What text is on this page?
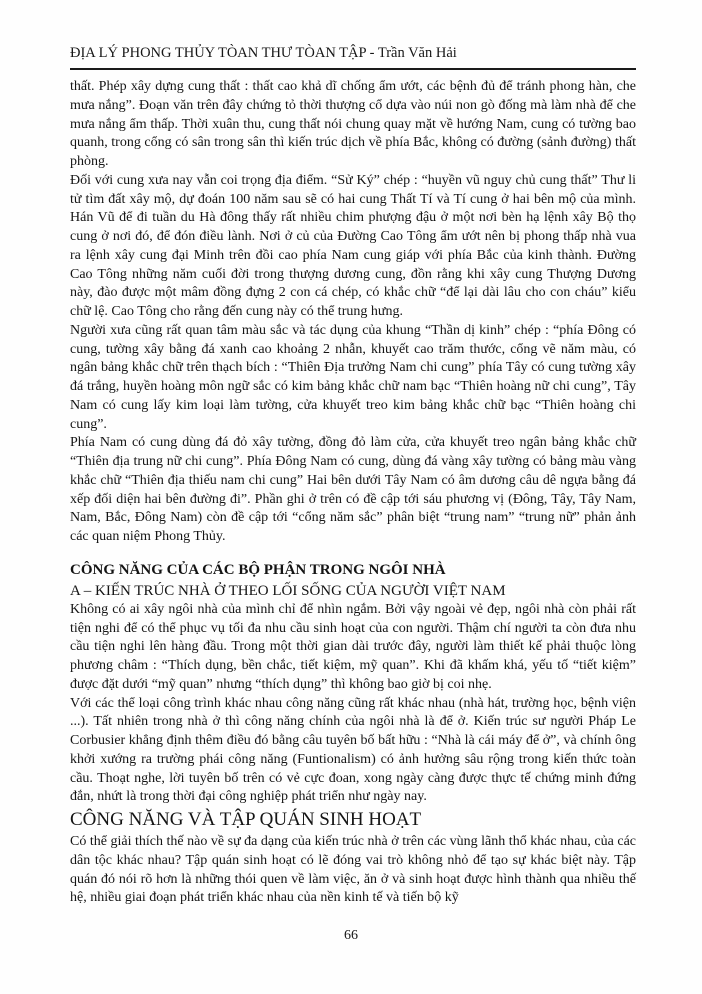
ĐỊA LÝ PHONG THỦY TÒAN THƯ TÒAN TẬP - Trần Văn Hải

thất. Phép xây dựng cung thất : thất cao khả dĩ chống ẩm ướt, các bệnh đủ để tránh phong hàn, che mưa nắng”. Đoạn văn trên đây chứng tỏ thời thượng cổ dựa vào núi non gò đống mà làm nhà để che mưa nắng ẩm thấp. Thời xuân thu, cung thất nói chung quay mặt về hướng Nam, cung có tường bao quanh, trong cổng có sân trong sân thì kiến trúc dịch về phía Bắc, không có đường (sảnh đường) thất phòng.

Đối với cung xưa nay vẫn coi trọng địa điểm. “Sử Ký” chép : “huyền vũ nguy chủ cung thất” Thư li tử tìm đất xây mộ, dự đoán 100 năm sau sẽ có hai cung Thất Tí và Tí cung ở hai bên mộ của mình. Hán Vũ để đi tuần du Hà đông thấy rất nhiều chim phượng đậu ở một nơi bèn hạ lệnh xây Bộ thọ cung ở nơi đó, để đón điều lành. Nơi ở củ của Đường Cao Tông ẩm ướt nên bị phong thấp nhà vua ra lệnh xây cung đại Minh trên đồi cao phía Nam cung giáp với phía Bắc của kinh thành. Đường Cao Tông những năm cuối đời trong thượng dương cung, đồn rằng khi xây cung Thượng Dương này, đào được một mâm đồng đựng 2 con cá chép, có khắc chữ “để lại dài lâu cho con cháu” kiểu chữ lệ. Cao Tông cho rằng đến cung này có thể trung hưng.

Người xưa cũng rất quan tâm màu sắc và tác dụng của khung “Thần dị kinh” chép : “phía Đông có cung, tường xây bằng đá xanh cao khoảng 2 nhẫn, khuyết cao trăm thước, cổng vẽ năm màu, có ngân bảng khắc chữ trên thạch bích : “Thiên Địa trưởng Nam chi cung” phía Tây có cung tường xây đá trắng, huyền hoàng môn ngữ sắc có kim bảng khắc chữ nam bạc “Thiên hoàng nữ chi cung”, Tây Nam có cung lấy kim loại làm tường, cửa khuyết treo kim bảng khắc chữ bạc “Thiên hoàng chi cung”.

Phía Nam có cung dùng đá đỏ xây tường, đồng đỏ làm cửa, cửa khuyết treo ngân bảng khắc chữ “Thiên địa trung nữ chi cung”. Phía Đông Nam có cung, dùng đá vàng xây tường có bảng màu vàng khắc chữ “Thiên địa thiếu nam chi cung” Hai bên dưới Tây Nam có âm dương câu dê ngựa bằng đá xếp đối diện hai bên đường đi”. Phần ghi ở trên có đề cập tới sáu phương vị (Đông, Tây, Tây Nam, Nam, Bắc, Đông Nam) còn đề cập tới “cổng năm sắc” phân biệt “trung nam” “trung nữ” phản ảnh các quan niệm Phong Thủy.

CÔNG NĂNG CỦA CÁC BỘ PHẬN TRONG NGÔI NHÀ

A – KIẾN TRÚC NHÀ Ở THEO LỐI SỐNG CỦA NGƯỜI VIỆT NAM

Không có ai xây ngôi nhà của mình chỉ để nhìn ngắm. Bởi vậy ngoài vẻ đẹp, ngôi nhà còn phải rất tiện nghi để có thể phục vụ tối đa nhu cầu sinh hoạt của con người. Thậm chí người ta còn đưa nhu cầu tiện nghi lên hàng đầu. Trong một thời gian dài trước đây, người làm thiết kế phải thuộc lòng phương châm : “Thích dụng, bền chắc, tiết kiệm, mỹ quan”. Khi đã khấm khá, yếu tố “tiết kiệm” được đặt dưới “mỹ quan” nhưng “thích dụng” thì không bao giờ bị coi nhẹ.

Với các thể loại công trình khác nhau công năng cũng rất khác nhau (nhà hát, trường học, bệnh viện ...). Tất nhiên trong nhà ở thì công năng chính của ngôi nhà là để ở. Kiến trúc sư người Pháp Le Corbusier khẳng định thêm điều đó bằng câu tuyên bố bất hữu : “Nhà là cái máy để ở”, và chính ông khởi xướng ra trường phái công năng (Funtionalism) có ảnh hưởng sâu rộng trong kiến thức toàn cầu. Thoạt nghe, lời tuyên bố trên có vẻ cực đoan, xong ngày càng được thực tế chứng minh đứng đắn, nhứt là trong thời đại công nghiệp phát triển như ngày nay.

CÔNG NĂNG VÀ TẬP QUÁN SINH HOẠT

Có thể giải thích thế nào về sự đa dạng của kiến trúc nhà ở trên các vùng lãnh thổ khác nhau, của các dân tộc khác nhau? Tập quán sinh hoạt có lẽ đóng vai trò không nhỏ để tạo sự khác biệt này. Tập quán đó nói rõ hơn là những thói quen về làm việc, ăn ở và sinh hoạt được hình thành qua nhiều thế hệ, nhiều giai đoạn phát triển khác nhau của nền kinh tế và tiến bộ kỹ

66
